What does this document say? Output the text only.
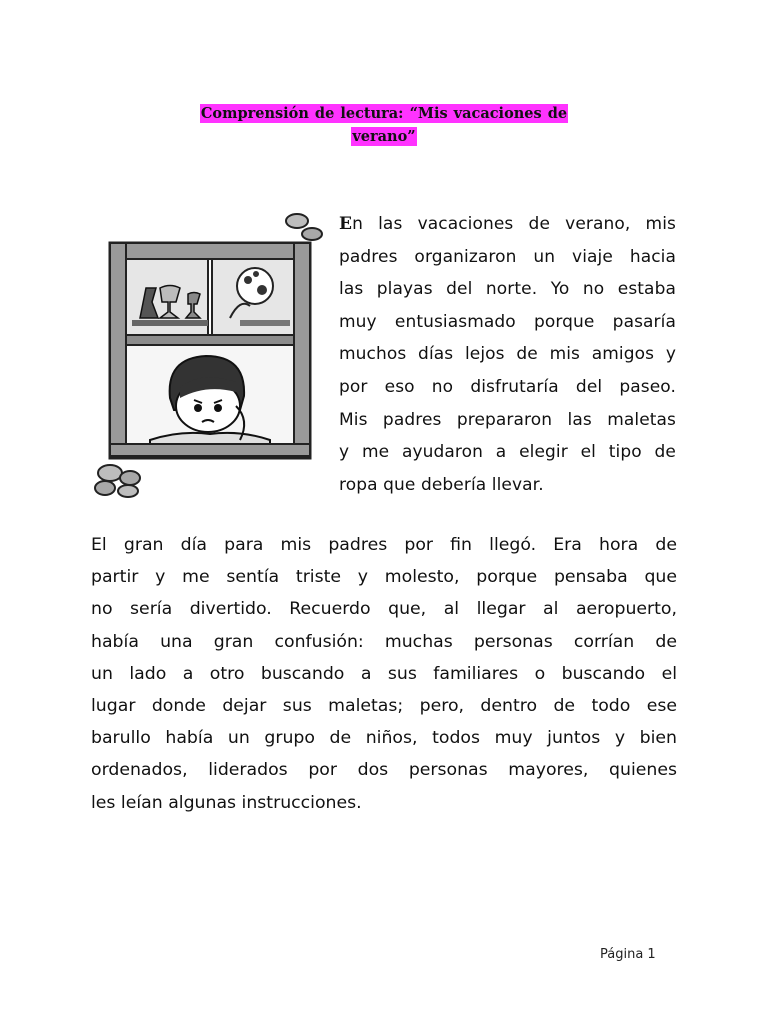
Comprensión de lectura: “Mis vacaciones de
verano”
En las vacaciones de verano, mis
padres organizaron un viaje hacia
las playas del norte. Yo no estaba
muy entusiasmado porque pasaría
muchos días lejos de mis amigos y
por eso no disfrutaría del paseo.
Mis padres prepararon las maletas
y me ayudaron a elegir el tipo de
ropa que debería llevar.
El gran día para mis padres por fin llegó. Era hora de
partir y me sentía triste y molesto, porque pensaba que
no sería divertido. Recuerdo que, al llegar al aeropuerto,
había una gran confusión: muchas personas corrían de
un lado a otro buscando a sus familiares o buscando el
lugar donde dejar sus maletas; pero, dentro de todo ese
barullo había un grupo de niños, todos muy juntos y bien
ordenados, liderados por dos personas mayores, quienes
les leían algunas instrucciones.
Página 1
